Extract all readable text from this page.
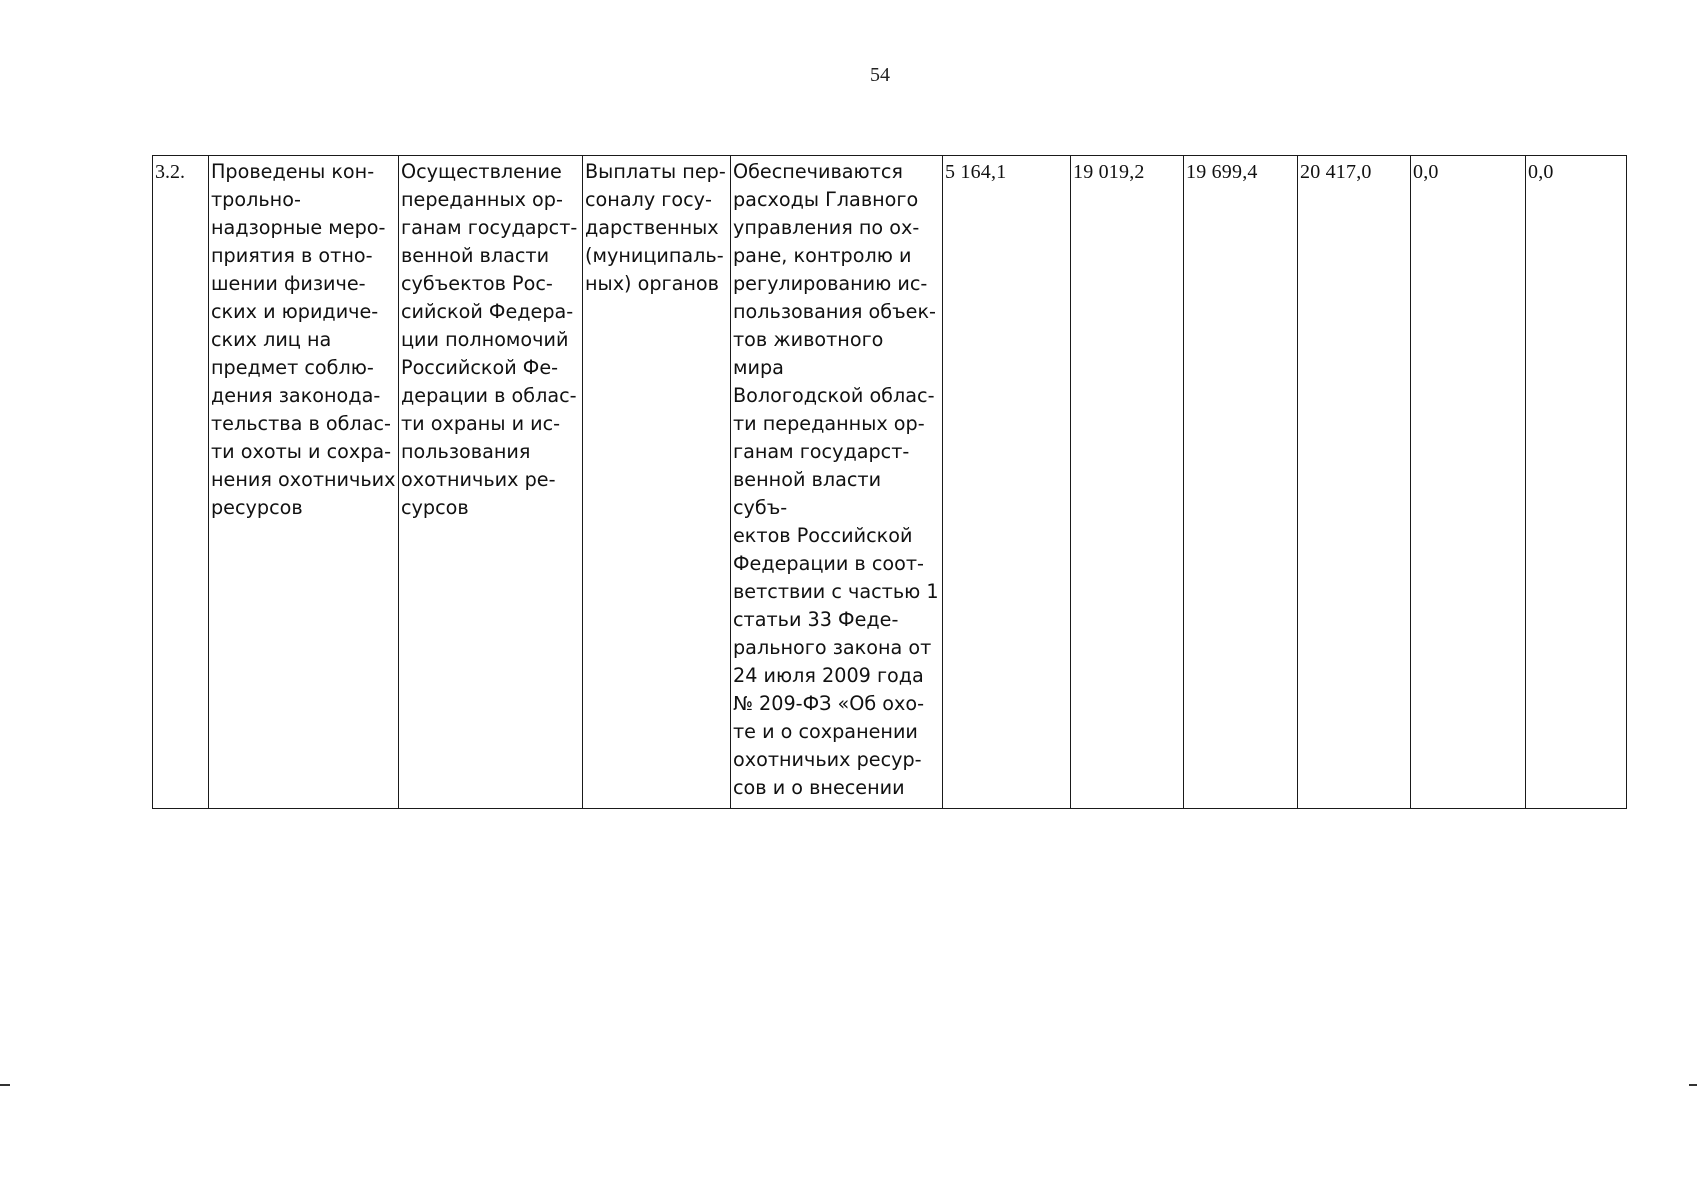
54
3.2.	Проведены кон-
трольно-
надзорные меро-
приятия в отно-
шении физиче-
ских и юридиче-
ских лиц на
предмет соблю-
дения законода-
тельства в облас-
ти охоты и сохра-
нения охотничьих
ресурсов	Осуществление
переданных ор-
ганам государст-
венной власти
субъектов Рос-
сийской Федера-
ции полномочий
Российской Фе-
дерации в облас-
ти охраны и ис-
пользования
охотничьих ре-
сурсов	Выплаты пер-
соналу госу-
дарственных
(муниципаль-
ных) органов	Обеспечиваются
расходы Главного
управления по ох-
ране, контролю и
регулированию ис-
пользования объек-
тов животного мира
Вологодской облас-
ти переданных ор-
ганам государст-
венной власти субъ-
ектов Российской
Федерации в соот-
ветствии с частью 1
статьи 33 Феде-
рального закона от
24 июля 2009 года
№ 209-ФЗ «Об охо-
те и о сохранении
охотничьих ресур-
сов и о внесении	5 164,1	19 019,2	19 699,4	20 417,0	0,0	0,0
